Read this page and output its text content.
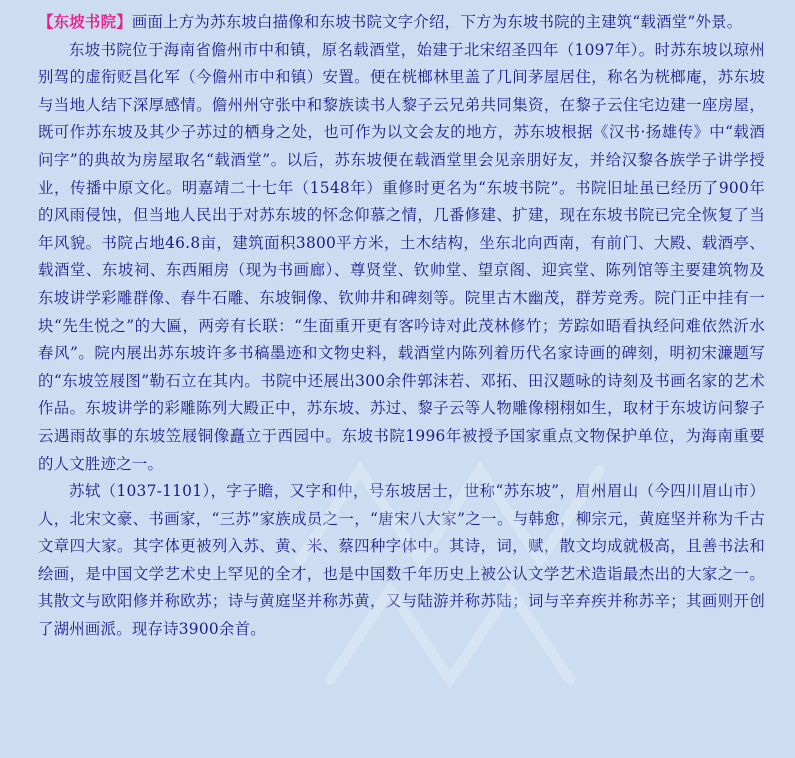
【东坡书院】画面上方为苏东坡白描像和东坡书院文字介绍，下方为东坡书院的主建筑“载酒堂”外景。

东坡书院位于海南省儋州市中和镇，原名载酒堂，始建于北宋绍圣四年（1097年）。时苏东坡以琼州别驾的虚衔贬昌化军（今儋州市中和镇）安置。便在桄榔林里盖了几间茅屋居住，称名为桄榔庵，苏东坡与当地人结下深厚感情。儋州州守张中和黎族读书人黎子云兄弟共同集资，在黎子云住宅边建一座房屋，既可作苏东坡及其少子苏过的栖身之处，也可作为以文会友的地方，苏东坡根据《汉书·扬雄传》中“载酒问字”的典故为房屋取名“载酒堂”。以后，苏东坡便在载酒堂里会见亲朋好友，并给汉黎各族学子讲学授业，传播中原文化。明嘉靖二十七年（1548年）重修时更名为“东坡书院”。书院旧址虽已经历了900年的风雨侵蚀，但当地人民出于对苏东坡的怀念仰慕之情，几番修建、扩建，现在东坡书院已完全恢复了当年风貌。书院占地46.8亩，建筑面积3800平方米，土木结构，坐东北向西南，有前门、大殿、载酒亭、载酒堂、东坡祠、东西厢房（现为书画廊）、尊贤堂、钦帅堂、望京阁、迎宾堂、陈列馆等主要建筑物及东坡讲学彩雕群像、春牛石雕、东坡铜像、钦帅井和碑刻等。院里古木幽茂，群芳竞秀。院门正中挂有一块“先生悦之”的大匾，两旁有长联：“生面重开更有客吟诗对此茂林修竹；芳踪如晤看执经问难依然沂水春风”。院内展出苏东坡许多书稿墨迹和文物史料，载酒堂内陈列着历代名家诗画的碑刻，明初宋濂题写的“东坡笠屐图”勒石立在其内。书院中还展出300余件郭沫若、邓拓、田汉题咏的诗刻及书画名家的艺术作品。东坡讲学的彩雕陈列大殿正中，苏东坡、苏过、黎子云等人物雕像栩栩如生，取材于东坡访问黎子云遇雨故事的东坡笠屐铜像矗立于西园中。东坡书院1996年被授予国家重点文物保护单位，为海南重要的人文胜迹之一。

苏轼（1037-1101），字子瞻，又字和仲，号东坡居士，世称“苏东坡”，眉州眉山（今四川眉山市）人，北宋文豪、书画家，“三苏”家族成员之一，“唐宋八大家”之一。与韩愈，柳宗元，黄庭坚并称为千古文章四大家。其字体更被列入苏、黄、米、蔡四种字体中。其诗，词，赋，散文均成就极高，且善书法和绘画，是中国文学艺术史上罕见的全才，也是中国数千年历史上被公认文学艺术造诣最杰出的大家之一。其散文与欧阳修并称欧苏；诗与黄庭坚并称苏黄，又与陆游并称苏陆；词与辛弃疾并称苏辛；其画则开创了湖州画派。现存诗3900余首。
